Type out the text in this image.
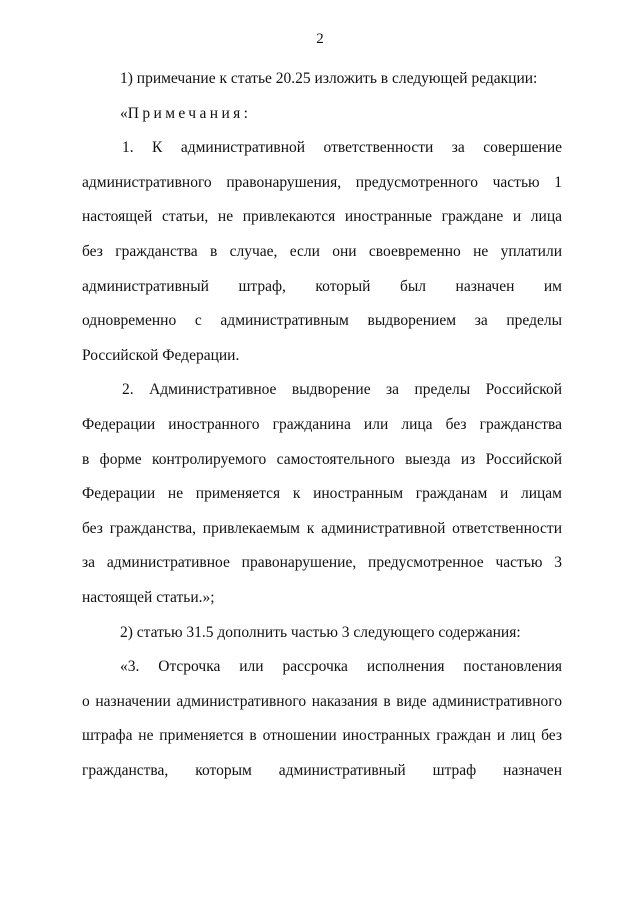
2
1) примечание к статье 20.25 изложить в следующей редакции:
«Примечания:
1. К административной ответственности за совершение
административного правонарушения, предусмотренного частью 1
настоящей статьи, не привлекаются иностранные граждане и лица
без гражданства в случае, если они своевременно не уплатили
административный штраф, который был назначен им
одновременно с административным выдворением за пределы
Российской Федерации.
2. Административное выдворение за пределы Российской
Федерации иностранного гражданина или лица без гражданства
в форме контролируемого самостоятельного выезда из Российской
Федерации не применяется к иностранным гражданам и лицам
без гражданства, привлекаемым к административной ответственности
за административное правонарушение, предусмотренное частью 3
настоящей статьи.»;
2) статью 31.5 дополнить частью 3 следующего содержания:
«3. Отсрочка или рассрочка исполнения постановления
о назначении административного наказания в виде административного
штрафа не применяется в отношении иностранных граждан и лиц без
гражданства, которым административный штраф назначен
